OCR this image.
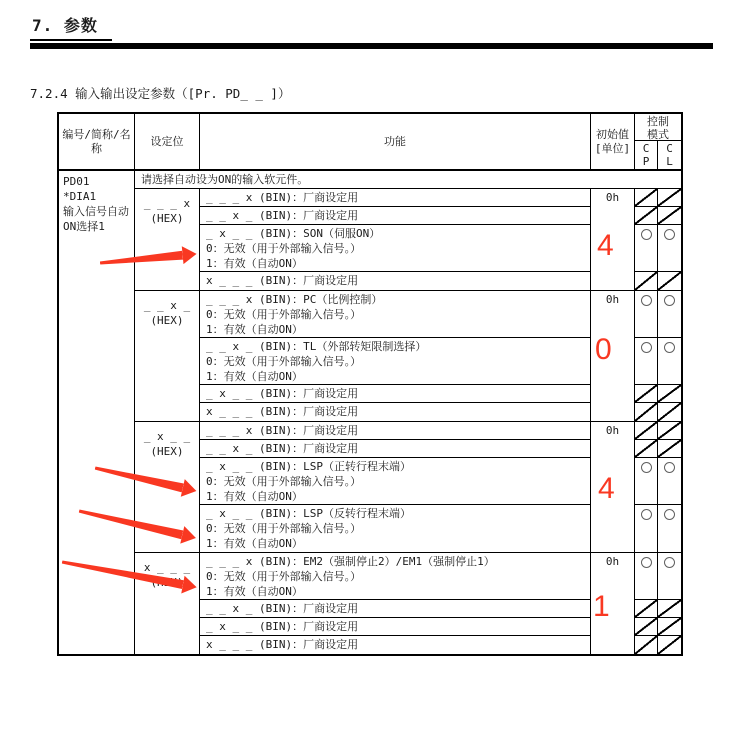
7. 参数
7.2.4 输入输出设定参数（[Pr. PD_ _ ]）
编号/简称/名称
设定位	功能
初始值
[单位]
控制
模式
C
P
C
L
PD01
*DIA1
输入信号自动
ON选择1
请选择自动设为ON的输入软元件。
_ _ _ x
(HEX)
_ _ _ x (BIN)：厂商设定用
_ _ x _ (BIN)：厂商设定用
_ x _ _ (BIN)：SON（伺服ON）
0：无效（用于外部输入信号。）
1：有效（自动ON）
x _ _ _ (BIN)：厂商设定用
0h
_ _ x _
(HEX)
_ _ _ x (BIN)：PC（比例控制）
0：无效（用于外部输入信号。）
1：有效（自动ON）
_ _ x _ (BIN)：TL（外部转矩限制选择）
0：无效（用于外部输入信号。）
1：有效（自动ON）
_ x _ _ (BIN)：厂商设定用
x _ _ _ (BIN)：厂商设定用
0h
_ x _ _
(HEX)
_ _ _ x (BIN)：厂商设定用
_ _ x _ (BIN)：厂商设定用
_ x _ _ (BIN)：LSP（正转行程末端）
0：无效（用于外部输入信号。）
1：有效（自动ON）
_ x _ _ (BIN)：LSP（反转行程末端）
0：无效（用于外部输入信号。）
1：有效（自动ON）
0h
x _ _ _	_ _ _ x (BIN)：EM2（强制停止2）/EM1（强制停止1）
0：无效（用于外部输入信号。）
1：有效（自动ON）
_ _ x _ (BIN)：厂商设定用
_ x _ _ (BIN)：厂商设定用
x _ _ _ (BIN)：厂商设定用
0h
4
0
4
1
